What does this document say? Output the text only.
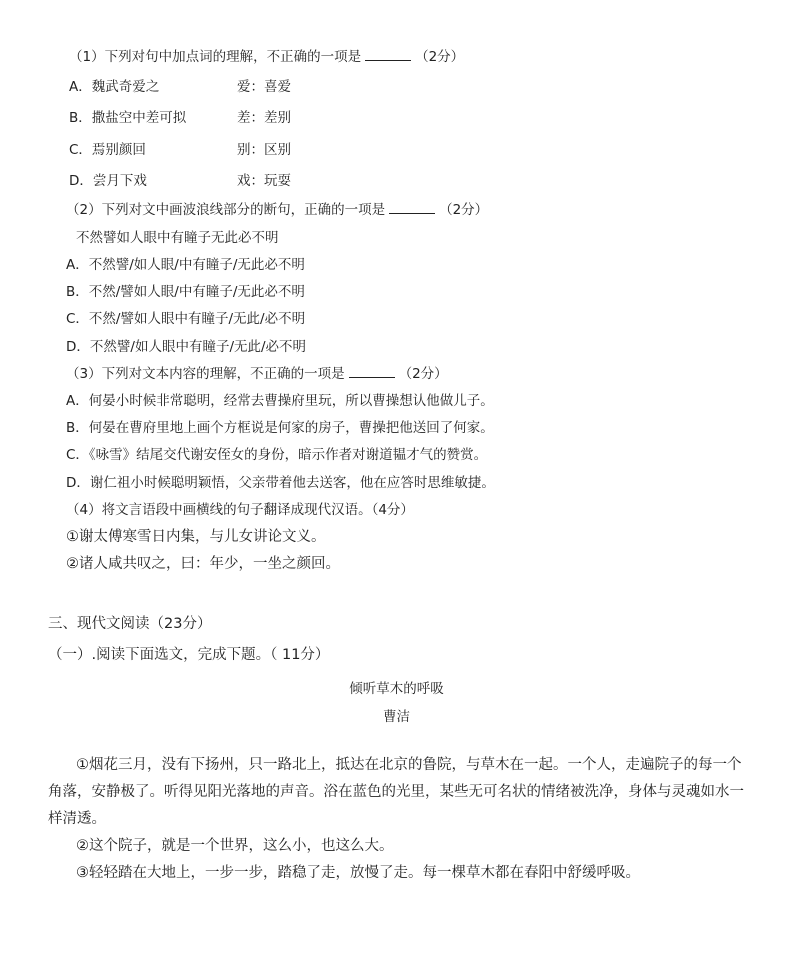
（1）下列对句中加点词的理解，不正确的一项是	（2分）
A．魏武奇爱之	爱：喜爱
B．撒盐空中差可拟	差：差别
C．焉别颜回	别：区别
D．尝月下戏	戏：玩耍
（2）下列对文中画波浪线部分的断句，正确的一项是	（2分）
不然譬如人眼中有瞳子无此必不明
A．不然譬/如人眼/中有瞳子/无此必不明
B．不然/譬如人眼/中有瞳子/无此必不明
C．不然/譬如人眼中有瞳子/无此/必不明
D．不然譬/如人眼中有瞳子/无此/必不明
（3）下列对文本内容的理解，不正确的一项是	（2分）
A．何晏小时候非常聪明，经常去曹操府里玩，所以曹操想认他做儿子。
B．何晏在曹府里地上画个方框说是何家的房子，曹操把他送回了何家。
C．《咏雪》结尾交代谢安侄女的身份，暗示作者对谢道韫才气的赞赏。
D．谢仁祖小时候聪明颖悟，父亲带着他去送客，他在应答时思维敏捷。
（4）将文言语段中画横线的句子翻译成现代汉语。（4分）
①谢太傅寒雪日内集，与儿女讲论文义。
②诸人咸共叹之，曰：年少，一坐之颜回。
三、现代文阅读（23分）
（一）.阅读下面选文，完成下题。（ 11分）
倾听草木的呼吸
曹洁
①烟花三月，没有下扬州，只一路北上，抵达在北京的鲁院，与草木在一起。一个人，走遍院子的每一个角落，安静极了。听得见阳光落地的声音。浴在蓝色的光里，某些无可名状的情绪被洗净，身体与灵魂如水一样清透。
②这个院子，就是一个世界，这么小，也这么大。
③轻轻踏在大地上，一步一步，踏稳了走，放慢了走。每一棵草木都在春阳中舒缓呼吸。
